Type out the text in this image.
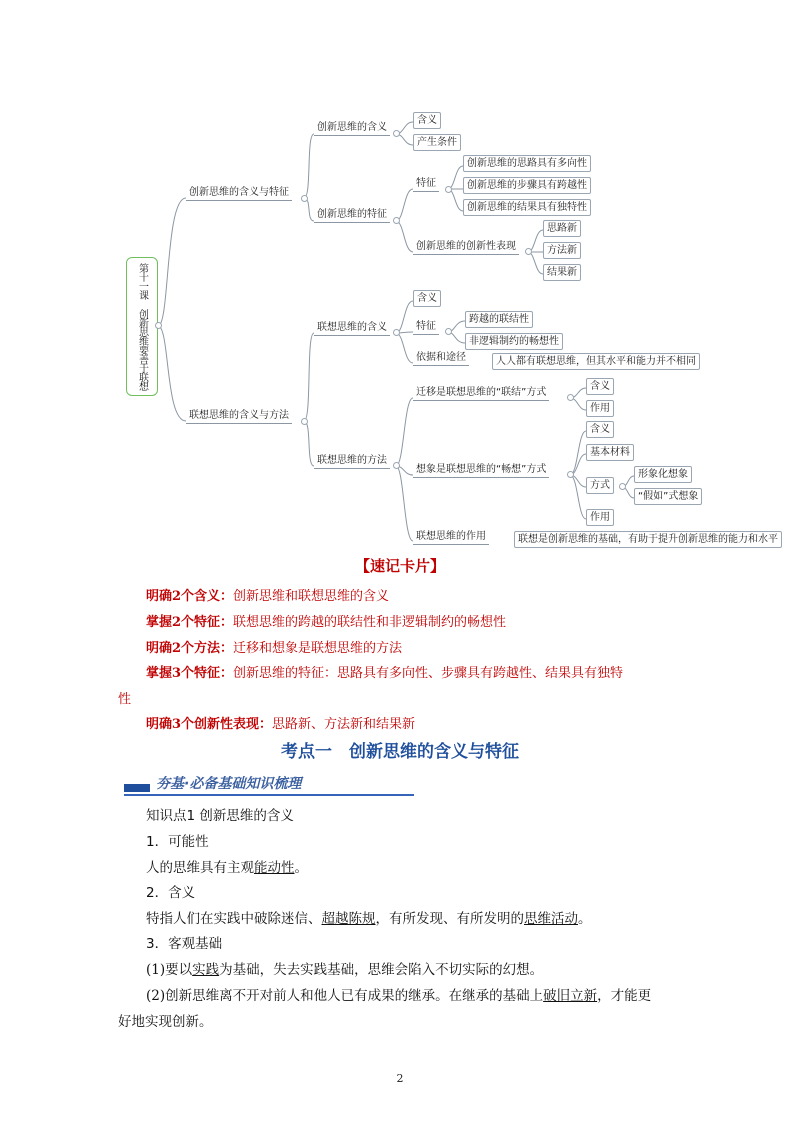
第十一课 创新思维要善于联想
创新思维的含义与特征
创新思维的含义
含义
产生条件
创新思维的特征
特征
创新思维的思路具有多向性
创新思维的步骤具有跨越性
创新思维的结果具有独特性
创新思维的创新性表现
思路新
方法新
结果新
联想思维的含义与方法
联想思维的含义
含义
特征
跨越的联结性
非逻辑制约的畅想性
依据和途径	人人都有联想思维，但其水平和能力并不相同
联想思维的方法
迁移是联想思维的“联结”方式
含义
作用
想象是联想思维的“畅想”方式
含义
基本材料
方式
形象化想象
“假如”式想象
作用
联想思维的作用	联想是创新思维的基础，有助于提升创新思维的能力和水平
【速记卡片】
明确2个含义：创新思维和联想思维的含义
掌握2个特征：联想思维的跨越的联结性和非逻辑制约的畅想性
明确2个方法：迁移和想象是联想思维的方法
掌握3个特征：创新思维的特征：思路具有多向性、步骤具有跨越性、结果具有独特
性
明确3个创新性表现：思路新、方法新和结果新
考点一　创新思维的含义与特征
夯基·必备基础知识梳理
知识点1 创新思维的含义
1．可能性
人的思维具有主观能动性。
2．含义
特指人们在实践中破除迷信、超越陈规，有所发现、有所发明的思维活动。
3．客观基础
(1)要以实践为基础，失去实践基础，思维会陷入不切实际的幻想。
(2)创新思维离不开对前人和他人已有成果的继承。在继承的基础上破旧立新，才能更
好地实现创新。
2
